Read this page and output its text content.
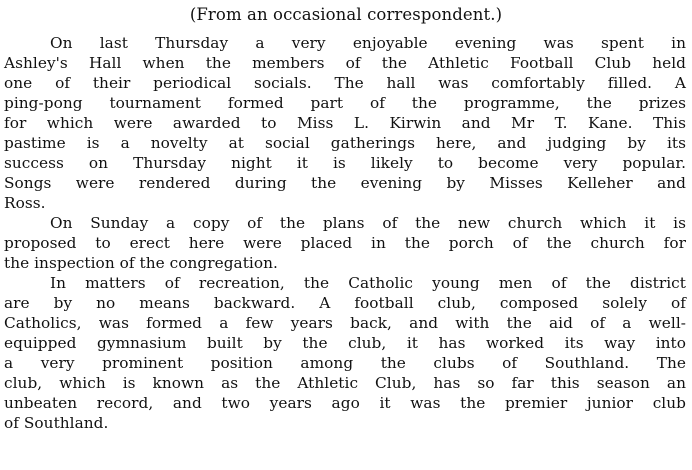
(From an occasional correspondent.)
On last Thursday a very enjoyable evening was spent in
Ashley's Hall when the members of the Athletic Football Club held
one of their periodical socials. The hall was comfortably filled. A
ping-pong tournament formed part of the programme, the prizes
for which were awarded to Miss L. Kirwin and Mr T. Kane. This
pastime is a novelty at social gatherings here, and judging by its
success on Thursday night it is likely to become very popular.
Songs were rendered during the evening by Misses Kelleher and
Ross.
On Sunday a copy of the plans of the new church which it is
proposed to erect here were placed in the porch of the church for
the inspection of the congregation.
In matters of recreation, the Catholic young men of the district
are by no means backward. A football club, composed solely of
Catholics, was formed a few years back, and with the aid of a well-
equipped gymnasium built by the club, it has worked its way into
a very prominent position among the clubs of Southland. The
club, which is known as the Athletic Club, has so far this season an
unbeaten record, and two years ago it was the premier junior club
of Southland.
